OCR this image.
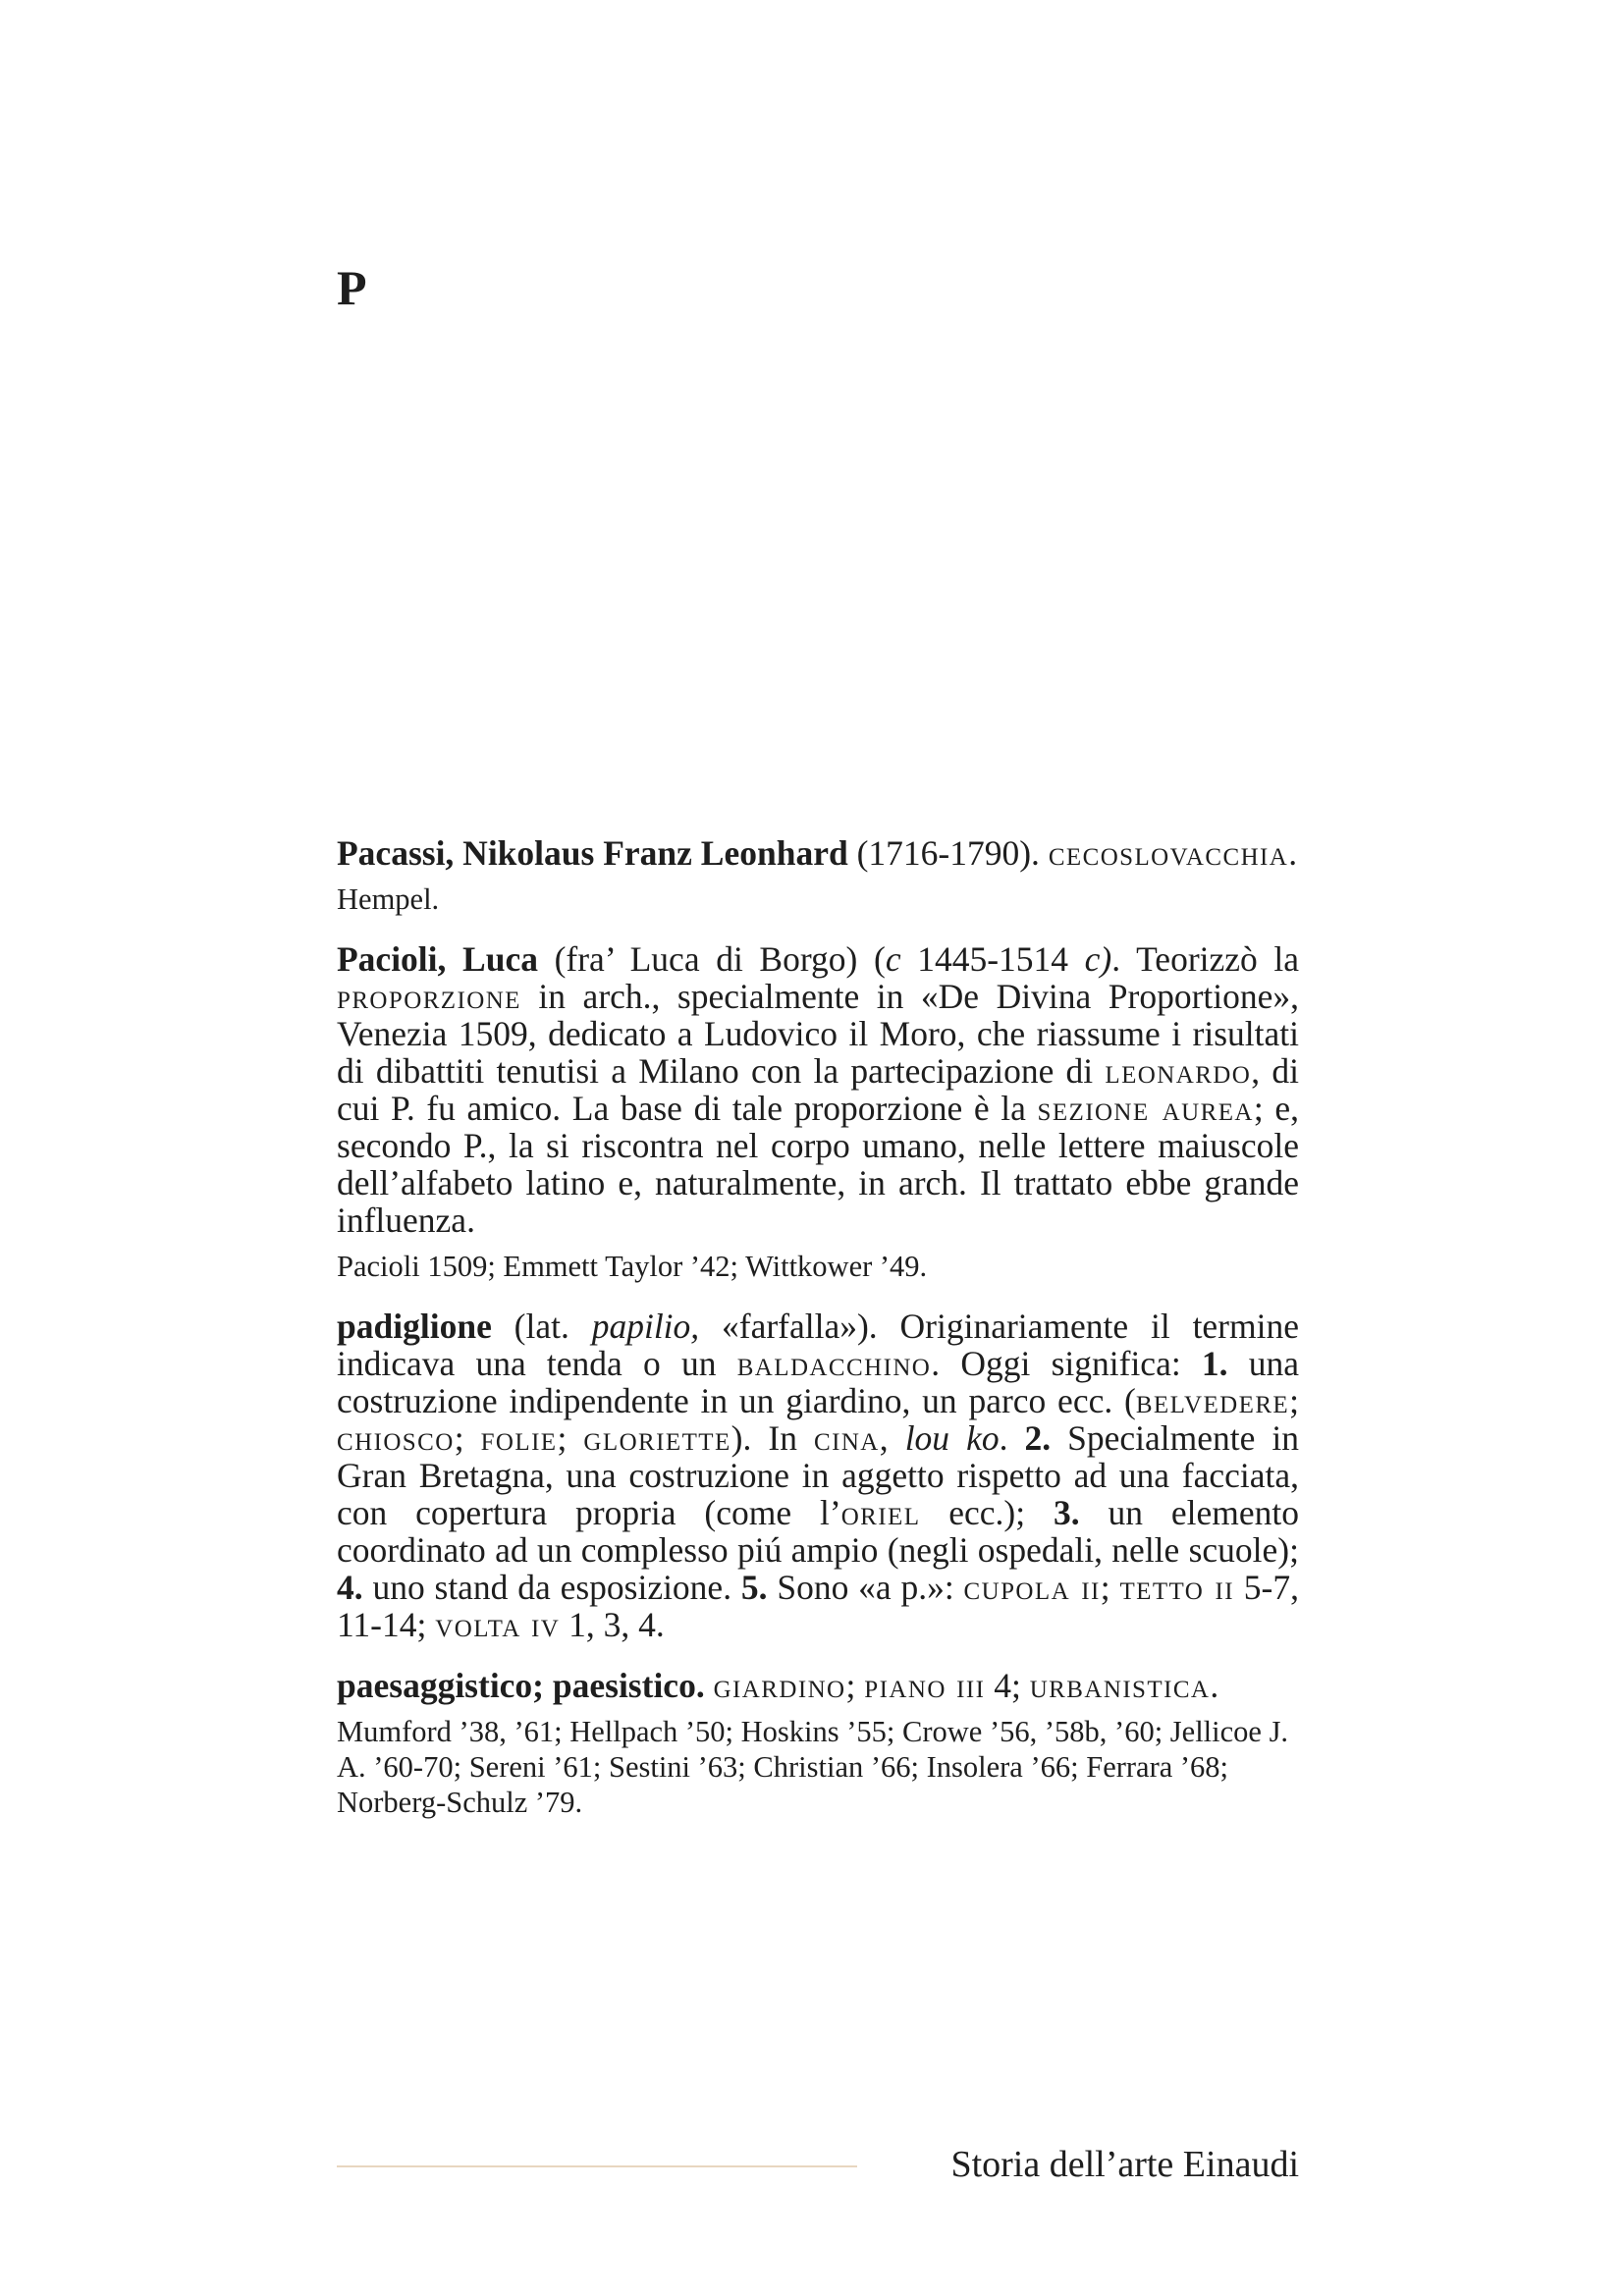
P

Pacassi, Nikolaus Franz Leonhard (1716-1790). cecoslovacchia.

Hempel.

Pacioli, Luca (fra’ Luca di Borgo) (c 1445-1514 c). Teorizzò la proporzione in arch., specialmente in «De Divina Proportione», Venezia 1509, dedicato a Ludovico il Moro, che riassume i risultati di dibattiti tenutisi a Milano con la partecipazione di leonardo, di cui P. fu amico. La base di tale proporzione è la sezione aurea; e, secondo P., la si riscontra nel corpo umano, nelle lettere maiuscole dell’alfabeto latino e, naturalmente, in arch. Il trattato ebbe grande influenza.

Pacioli 1509; Emmett Taylor ’42; Wittkower ’49.

padiglione (lat. papilio, «farfalla»). Originariamente il termine indicava una tenda o un baldacchino. Oggi significa: 1. una costruzione indipendente in un giardino, un parco ecc. (belvedere; chiosco; folie; gloriette). In cina, lou ko. 2. Specialmente in Gran Bretagna, una costruzione in aggetto rispetto ad una facciata, con copertura propria (come l’oriel ecc.); 3. un elemento coordinato ad un complesso piú ampio (negli ospedali, nelle scuole); 4. uno stand da esposizione. 5. Sono «a p.»: cupola ii; tetto ii 5-7, 11-14; volta iv 1, 3, 4.

paesaggistico; paesistico. giardino; piano iii 4; urbanistica.

Mumford ’38, ’61; Hellpach ’50; Hoskins ’55; Crowe ’56, ’58b, ’60; Jellicoe J. A. ’60-70; Sereni ’61; Sestini ’63; Christian ’66; Insolera ’66; Ferrara ’68; Norberg-Schulz ’79.

Storia dell’arte Einaudi
